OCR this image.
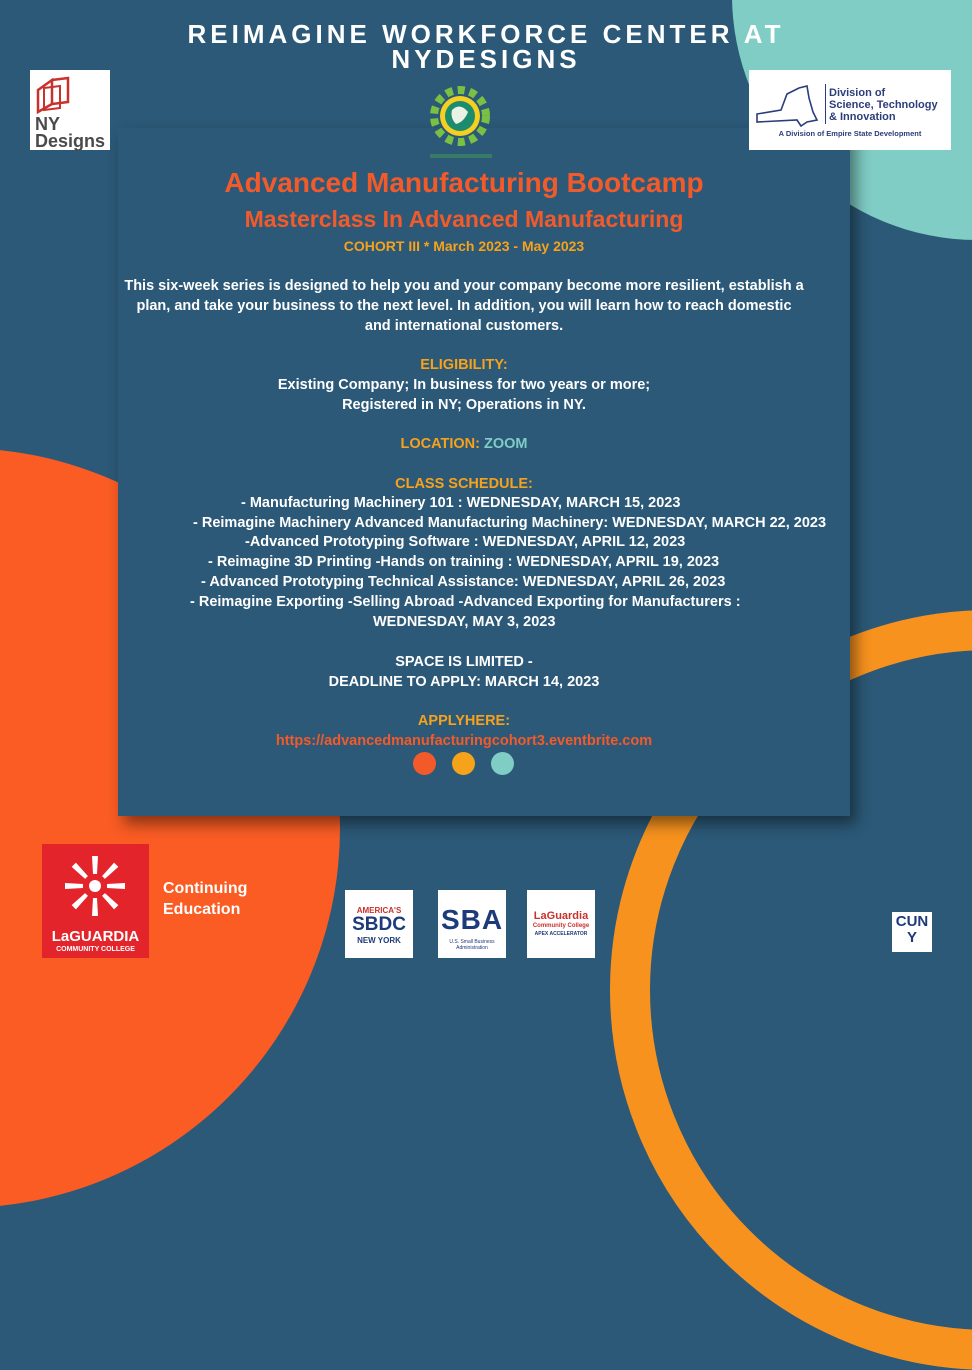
REIMAGINE WORKFORCE CENTER AT
NYDESIGNS
NY Designs
Division of
Science, Technology
& Innovation
A Division of Empire State Development
Advanced Manufacturing Bootcamp
Masterclass In Advanced Manufacturing
COHORT III * March 2023 - May 2023
This six-week series is designed to help you and your company become more resilient, establish a
plan, and take your business to the next level. In addition, you will learn how to reach domestic
and international customers.
ELIGIBILITY:
Existing Company; In business for two years or more;
Registered in NY; Operations in NY.
LOCATION: ZOOM
CLASS SCHEDULE:
- Manufacturing Machinery 101 : WEDNESDAY, MARCH 15, 2023
- Reimagine Machinery Advanced Manufacturing Machinery: WEDNESDAY, MARCH 22, 2023
-Advanced Prototyping Software : WEDNESDAY, APRIL 12, 2023
- Reimagine 3D Printing -Hands on training : WEDNESDAY, APRIL 19, 2023
- Advanced Prototyping Technical Assistance: WEDNESDAY, APRIL 26, 2023
- Reimagine Exporting -Selling Abroad -Advanced Exporting for Manufacturers :
WEDNESDAY, MAY 3, 2023
SPACE IS LIMITED -
DEADLINE TO APPLY: MARCH 14, 2023
APPLYHERE:
https://advancedmanufacturingcohort3.eventbrite.com
LaGUARDIA
COMMUNITY COLLEGE
Continuing
Education	AMERICA'S
SBDC
NEW YORK
SBA
U.S. Small Business Administration
LaGuardia
Community College
APEX ACCELERATOR
CUNY
